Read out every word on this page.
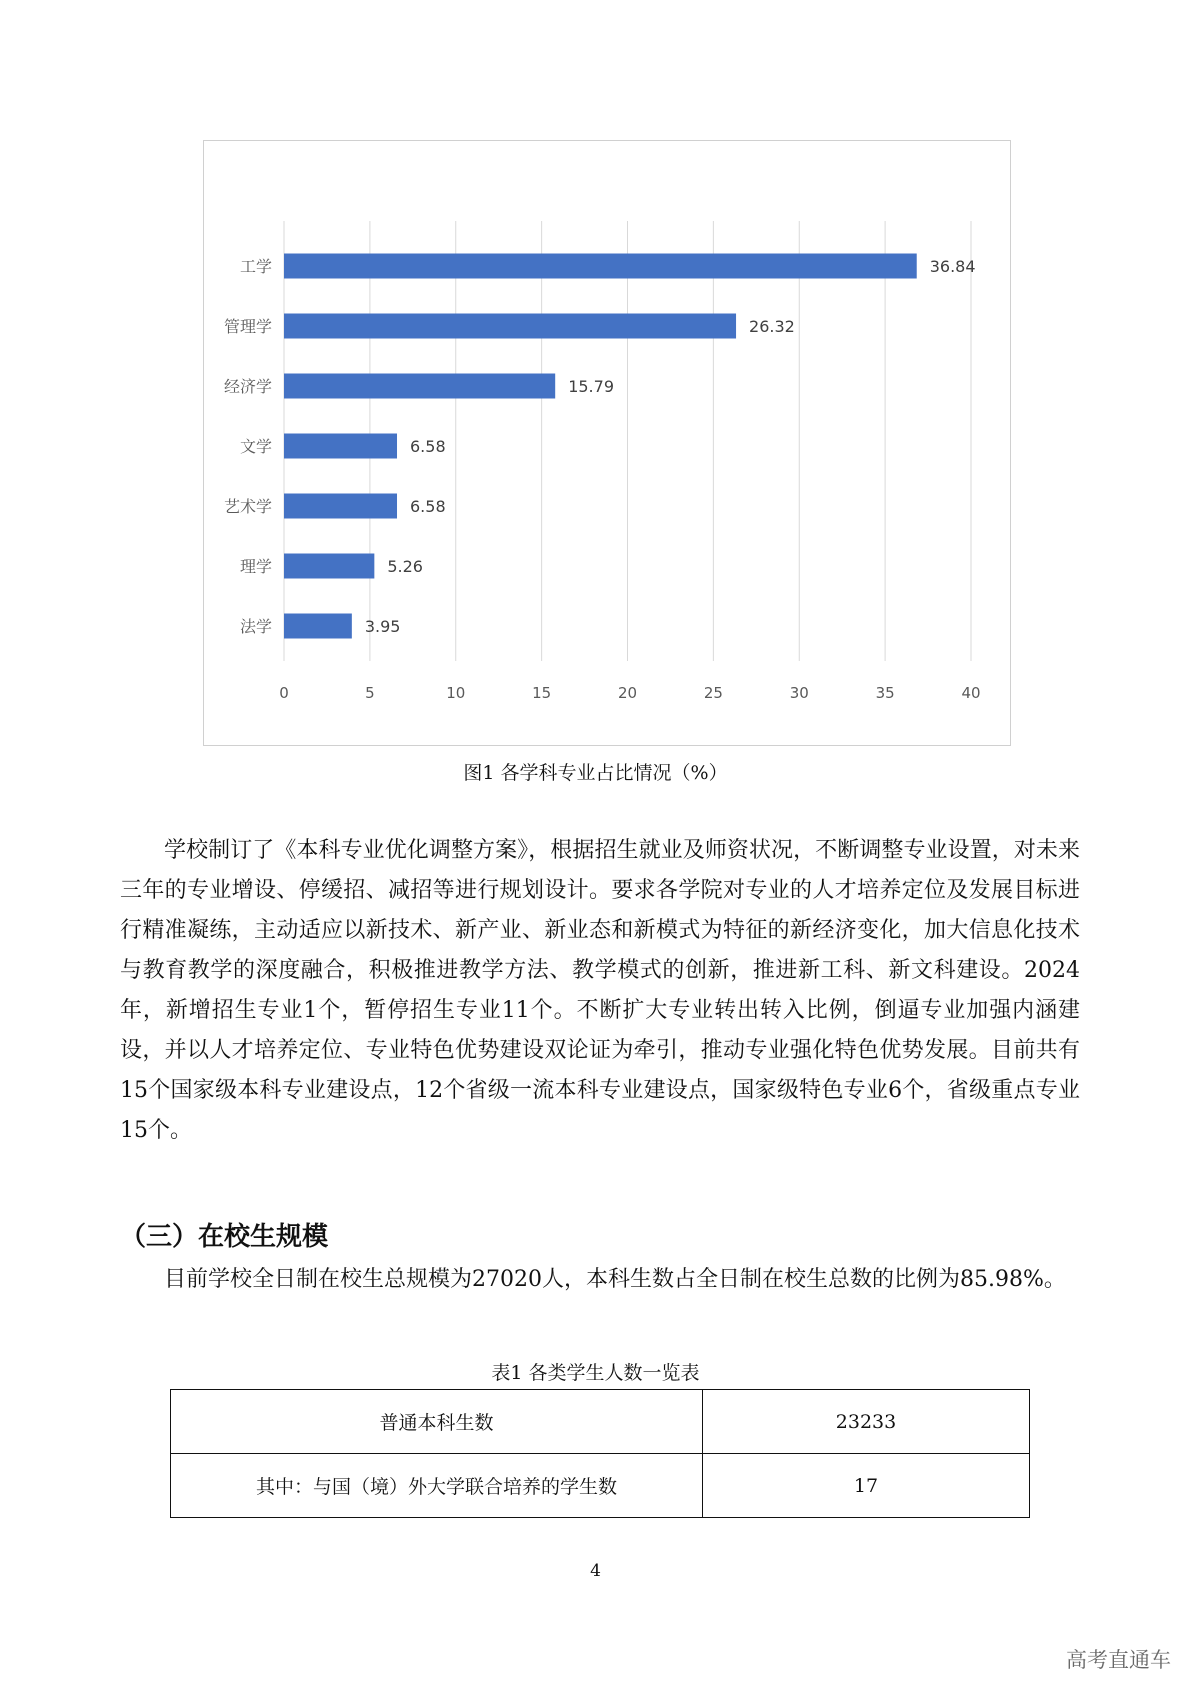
0	5	10	15	20	25	30	35	40
工学	36.84
管理学	26.32
经济学	15.79
文学	6.58
艺术学	6.58
理学	5.26
法学	3.95
图1 各学科专业占比情况（%）

学校制订了《本科专业优化调整方案》，根据招生就业及师资状况，不断调整专业设置，对未来三年的专业增设、停缓招、减招等进行规划设计。要求各学院对专业的人才培养定位及发展目标进行精准凝练，主动适应以新技术、新产业、新业态和新模式为特征的新经济变化，加大信息化技术与教育教学的深度融合，积极推进教学方法、教学模式的创新，推进新工科、新文科建设。2024年，新增招生专业1个，暂停招生专业11个。不断扩大专业转出转入比例，倒逼专业加强内涵建设，并以人才培养定位、专业特色优势建设双论证为牵引，推动专业强化特色优势发展。目前共有15个国家级本科专业建设点，12个省级一流本科专业建设点，国家级特色专业6个，省级重点专业15个。

（三）在校生规模

目前学校全日制在校生总规模为27020人，本科生数占全日制在校生总数的比例为85.98%。

表1 各类学生人数一览表
普通本科生数	23233
其中：与国（境）外大学联合培养的学生数	17
4
高考直通车
